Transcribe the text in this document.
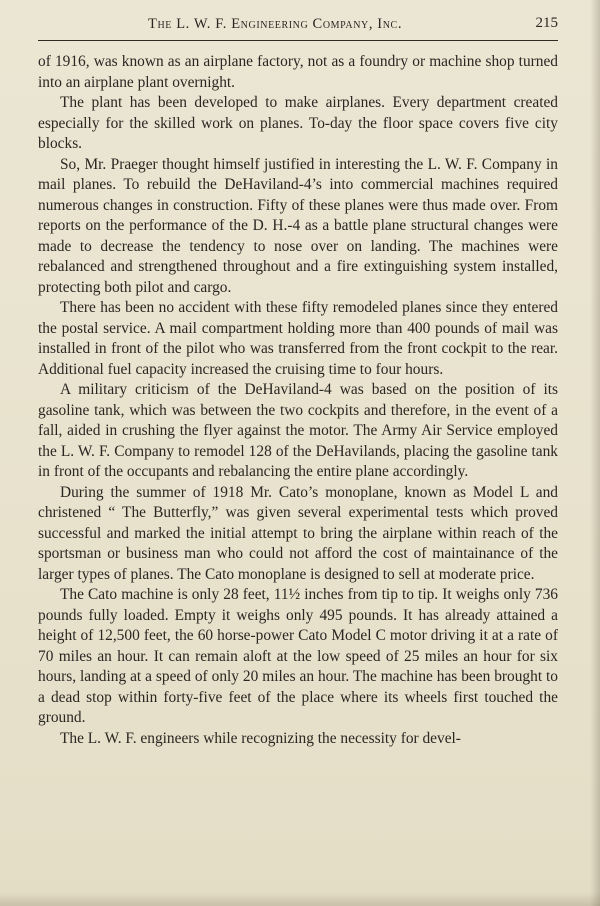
The L. W. F. Engineering Company, Inc.	215

of 1916, was known as an airplane factory, not as a foundry or machine shop turned into an airplane plant overnight.

The plant has been developed to make airplanes. Every department created especially for the skilled work on planes. To-day the floor space covers five city blocks.

So, Mr. Praeger thought himself justified in interesting the L. W. F. Company in mail planes. To rebuild the DeHaviland-4’s into commercial machines required numerous changes in construction. Fifty of these planes were thus made over. From reports on the performance of the D. H.-4 as a battle plane structural changes were made to decrease the tendency to nose over on landing. The machines were rebalanced and strengthened throughout and a fire extinguishing system installed, protecting both pilot and cargo.

There has been no accident with these fifty remodeled planes since they entered the postal service. A mail compartment holding more than 400 pounds of mail was installed in front of the pilot who was transferred from the front cockpit to the rear. Additional fuel capacity increased the cruising time to four hours.

A military criticism of the DeHaviland-4 was based on the position of its gasoline tank, which was between the two cockpits and therefore, in the event of a fall, aided in crushing the flyer against the motor. The Army Air Service employed the L. W. F. Company to remodel 128 of the DeHavilands, placing the gasoline tank in front of the occupants and rebalancing the entire plane accordingly.

During the summer of 1918 Mr. Cato’s monoplane, known as Model L and christened “ The Butterfly,” was given several experimental tests which proved successful and marked the initial attempt to bring the airplane within reach of the sportsman or business man who could not afford the cost of maintainance of the larger types of planes. The Cato monoplane is designed to sell at moderate price.

The Cato machine is only 28 feet, 11½ inches from tip to tip. It weighs only 736 pounds fully loaded. Empty it weighs only 495 pounds. It has already attained a height of 12,500 feet, the 60 horse-power Cato Model C motor driving it at a rate of 70 miles an hour. It can remain aloft at the low speed of 25 miles an hour for six hours, landing at a speed of only 20 miles an hour. The machine has been brought to a dead stop within forty-five feet of the place where its wheels first touched the ground.

The L. W. F. engineers while recognizing the necessity for devel-
